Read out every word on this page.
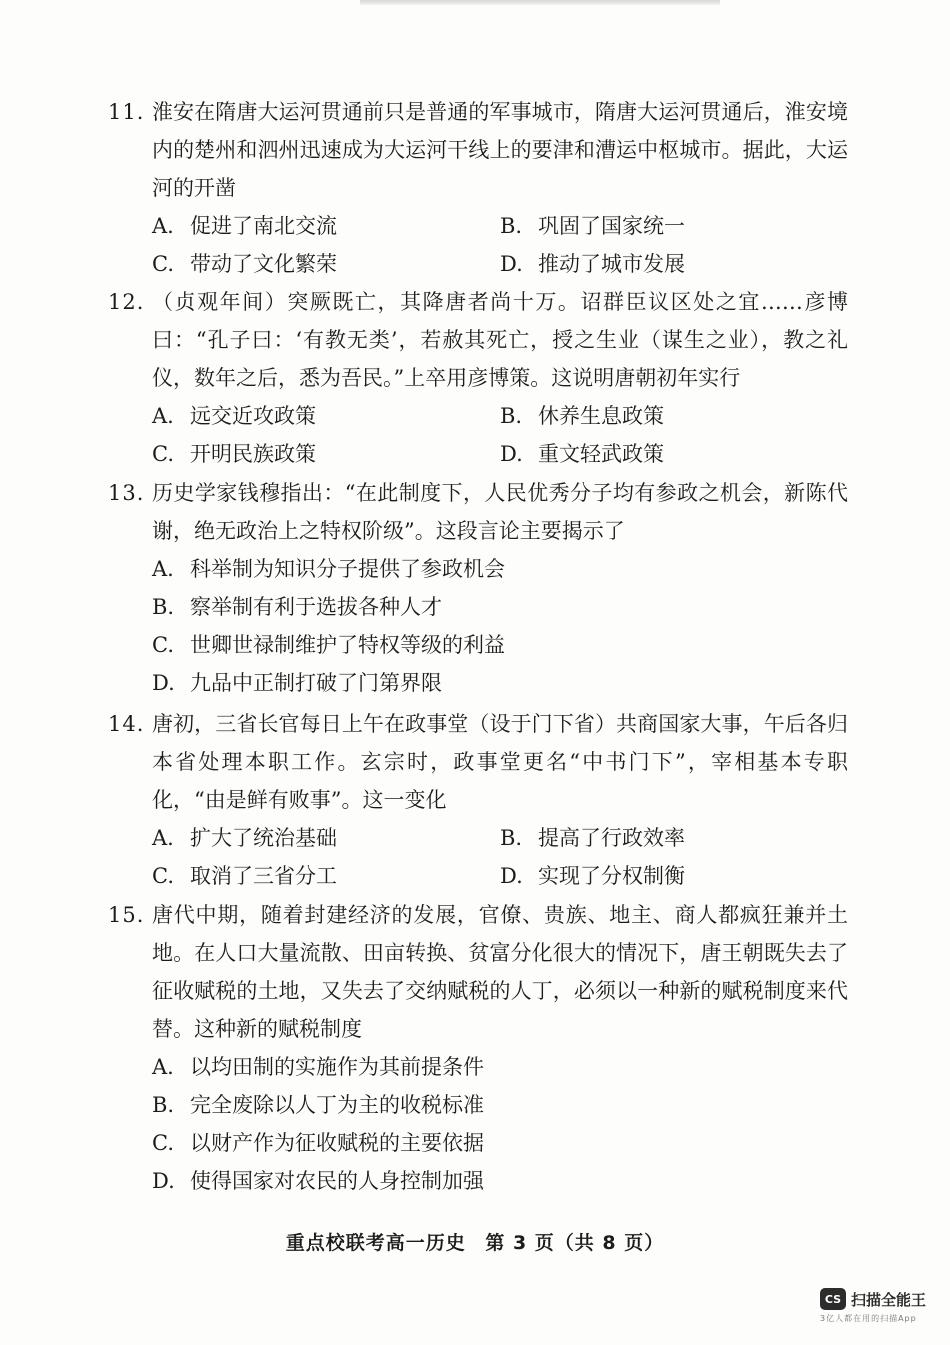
11. 淮安在隋唐大运河贯通前只是普通的军事城市，隋唐大运河贯通后，淮安境内的楚州和泗州迅速成为大运河干线上的要津和漕运中枢城市。据此，大运河的开凿
A. 促进了南北交流	B. 巩固了国家统一
C. 带动了文化繁荣	D. 推动了城市发展
12. （贞观年间）突厥既亡，其降唐者尚十万。诏群臣议区处之宜……彦博曰：“孔子曰：‘有教无类’，若赦其死亡，授之生业（谋生之业），教之礼仪，数年之后，悉为吾民。”上卒用彦博策。这说明唐朝初年实行
A. 远交近攻政策	B. 休养生息政策
C. 开明民族政策	D. 重文轻武政策
13. 历史学家钱穆指出：“在此制度下，人民优秀分子均有参政之机会，新陈代谢，绝无政治上之特权阶级”。这段言论主要揭示了
A. 科举制为知识分子提供了参政机会
B. 察举制有利于选拔各种人才
C. 世卿世禄制维护了特权等级的利益
D. 九品中正制打破了门第界限
14. 唐初，三省长官每日上午在政事堂（设于门下省）共商国家大事，午后各归本省处理本职工作。玄宗时，政事堂更名“中书门下”，宰相基本专职化，“由是鲜有败事”。这一变化
A. 扩大了统治基础	B. 提高了行政效率
C. 取消了三省分工	D. 实现了分权制衡
15. 唐代中期，随着封建经济的发展，官僚、贵族、地主、商人都疯狂兼并土地。在人口大量流散、田亩转换、贫富分化很大的情况下，唐王朝既失去了征收赋税的土地，又失去了交纳赋税的人丁，必须以一种新的赋税制度来代替。这种新的赋税制度
A. 以均田制的实施作为其前提条件
B. 完全废除以人丁为主的收税标准
C. 以财产作为征收赋税的主要依据
D. 使得国家对农民的人身控制加强
重点校联考高一历史 第 3 页（共 8 页）
CS 扫描全能王
3亿人都在用的扫描App
